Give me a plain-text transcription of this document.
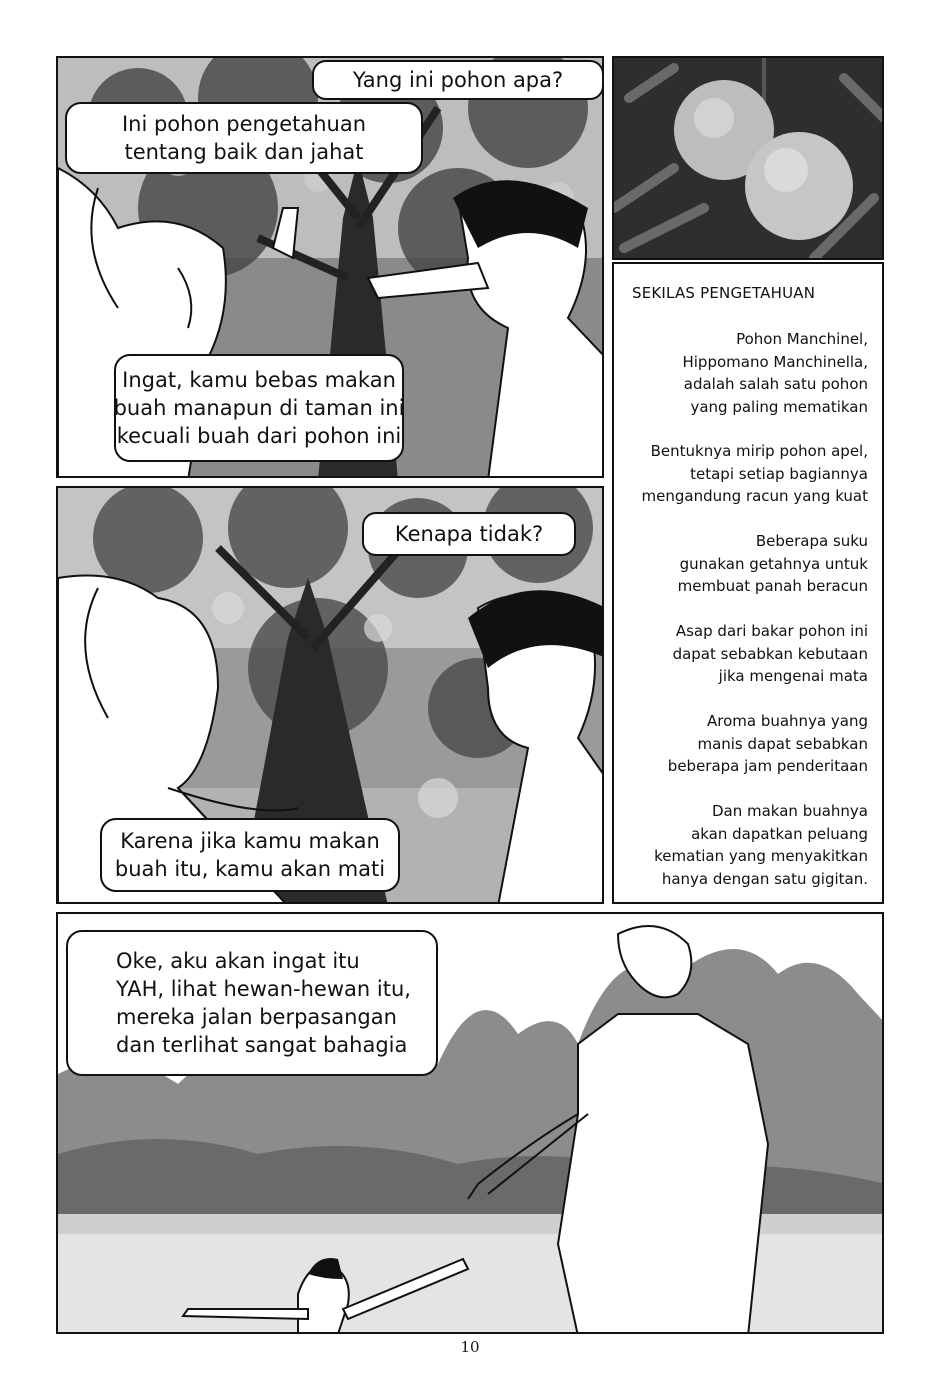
Yang ini pohon apa?
Ini pohon pengetahuan
tentang baik dan jahat
Ingat, kamu bebas makan
buah manapun di taman ini
kecuali buah dari pohon ini
SEKILAS PENGETAHUAN
Pohon Manchinel,
Hippomano Manchinella,
adalah salah satu pohon
yang paling mematikan
Bentuknya mirip pohon apel,
tetapi setiap bagiannya
mengandung racun yang kuat
Beberapa suku
gunakan getahnya untuk
membuat panah beracun
Asap dari bakar pohon ini
dapat sebabkan kebutaan
jika mengenai mata
Aroma buahnya yang
manis dapat sebabkan
beberapa jam penderitaan
Dan makan buahnya
akan dapatkan peluang
kematian yang menyakitkan
hanya dengan satu gigitan.
Kenapa tidak?
Karena jika kamu makan
buah itu, kamu akan mati
Oke, aku akan ingat itu
YAH, lihat hewan-hewan itu,
mereka jalan berpasangan
dan terlihat sangat bahagia
10
